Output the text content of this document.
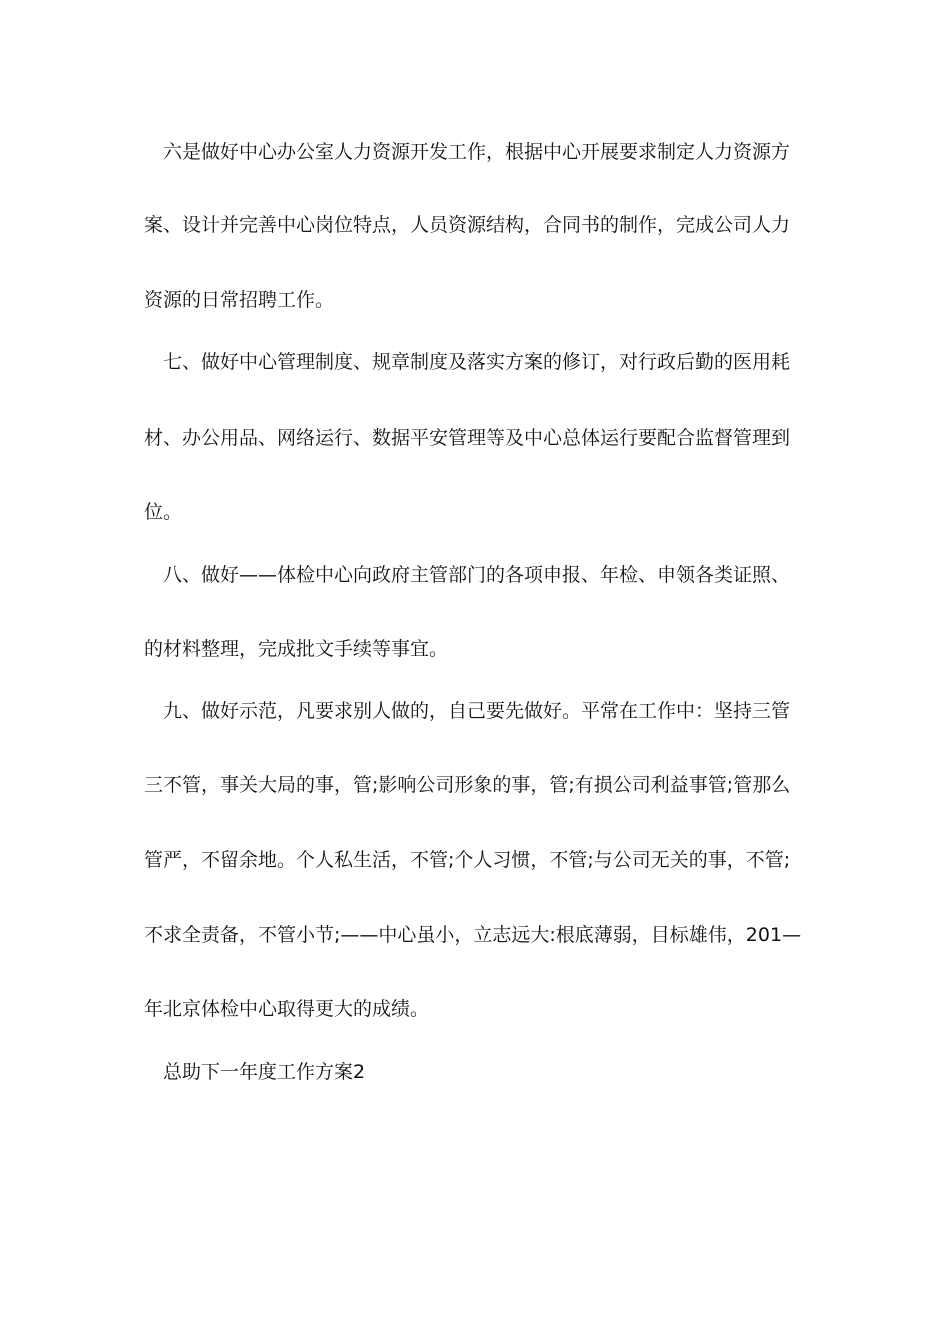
六是做好中心办公室人力资源开发工作，根据中心开展要求制定人力资源方
案、设计并完善中心岗位特点，人员资源结构，合同书的制作，完成公司人力
资源的日常招聘工作。
七、做好中心管理制度、规章制度及落实方案的修订，对行政后勤的医用耗
材、办公用品、网络运行、数据平安管理等及中心总体运行要配合监督管理到
位。
八、做好——体检中心向政府主管部门的各项申报、年检、申领各类证照、
的材料整理，完成批文手续等事宜。
九、做好示范，凡要求别人做的，自己要先做好。平常在工作中：坚持三管
三不管，事关大局的事，管;影响公司形象的事，管;有损公司利益事管;管那么
管严，不留余地。个人私生活，不管;个人习惯，不管;与公司无关的事，不管;
不求全责备，不管小节;——中心虽小，立志远大:根底薄弱，目标雄伟，201—
年北京体检中心取得更大的成绩。
总助下一年度工作方案2
